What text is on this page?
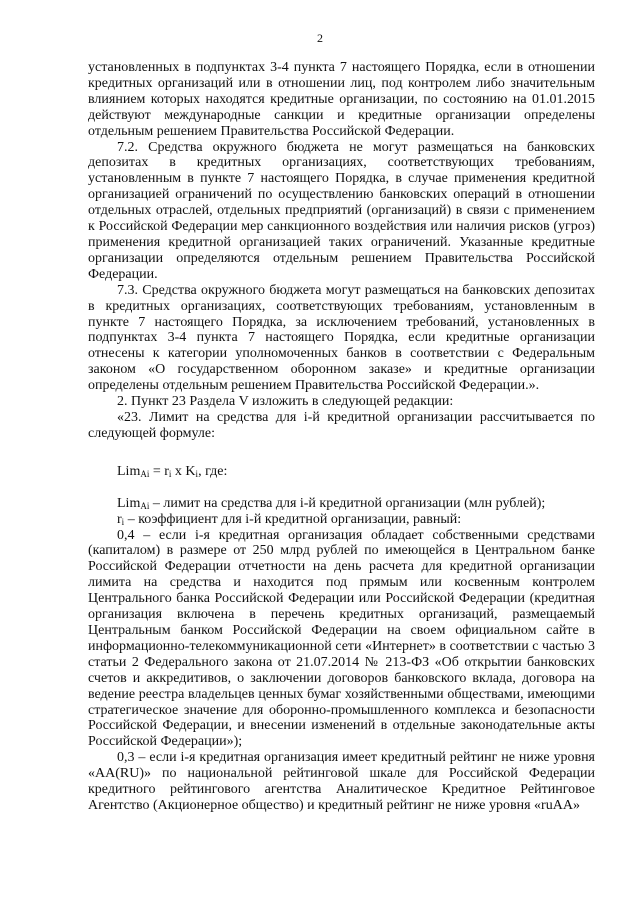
2

установленных в подпунктах 3-4 пункта 7 настоящего Порядка, если в отношении кредитных организаций или в отношении лиц, под контролем либо значительным влиянием которых находятся кредитные организации, по состоянию на 01.01.2015 действуют международные санкции и кредитные организации определены отдельным решением Правительства Российской Федерации.

7.2. Средства окружного бюджета не могут размещаться на банковских депозитах в кредитных организациях, соответствующих требованиям, установленным в пункте 7 настоящего Порядка, в случае применения кредитной организацией ограничений по осуществлению банковских операций в отношении отдельных отраслей, отдельных предприятий (организаций) в связи с применением к Российской Федерации мер санкционного воздействия или наличия рисков (угроз) применения кредитной организацией таких ограничений. Указанные кредитные организации определяются отдельным решением Правительства Российской Федерации.

7.3. Средства окружного бюджета могут размещаться на банковских депозитах в кредитных организациях, соответствующих требованиям, установленным в пункте 7 настоящего Порядка, за исключением требований, установленных в подпунктах 3-4 пункта 7 настоящего Порядка, если кредитные организации отнесены к категории уполномоченных банков в соответствии с Федеральным законом «О государственном оборонном заказе» и кредитные организации определены отдельным решением Правительства Российской Федерации.».

2. Пункт 23 Раздела V изложить в следующей редакции:

«23. Лимит на средства для i-й кредитной организации рассчитывается по следующей формуле:

$Lim_{Ai} = r_i$ x $K_i$, где:

Lim$_{Ai}$ – лимит на средства для i-й кредитной организации (млн рублей);

$r_i$ – коэффициент для i-й кредитной организации, равный:

0,4 – если i-я кредитная организация обладает собственными средствами (капиталом) в размере от 250 млрд рублей по имеющейся в Центральном банке Российской Федерации отчетности на день расчета для кредитной организации лимита на средства и находится под прямым или косвенным контролем Центрального банка Российской Федерации или Российской Федерации (кредитная организация включена в перечень кредитных организаций, размещаемый Центральным банком Российской Федерации на своем официальном сайте в информационно-телекоммуникационной сети «Интернет» в соответствии с частью 3 статьи 2 Федерального закона от 21.07.2014 № 213-ФЗ «Об открытии банковских счетов и аккредитивов, о заключении договоров банковского вклада, договора на ведение реестра владельцев ценных бумаг хозяйственными обществами, имеющими стратегическое значение для оборонно-промышленного комплекса и безопасности Российской Федерации, и внесении изменений в отдельные законодательные акты Российской Федерации»);

0,3 – если i-я кредитная организация имеет кредитный рейтинг не ниже уровня «AA(RU)» по национальной рейтинговой шкале для Российской Федерации кредитного рейтингового агентства Аналитическое Кредитное Рейтинговое Агентство (Акционерное общество) и кредитный рейтинг не ниже уровня «ruAA»
